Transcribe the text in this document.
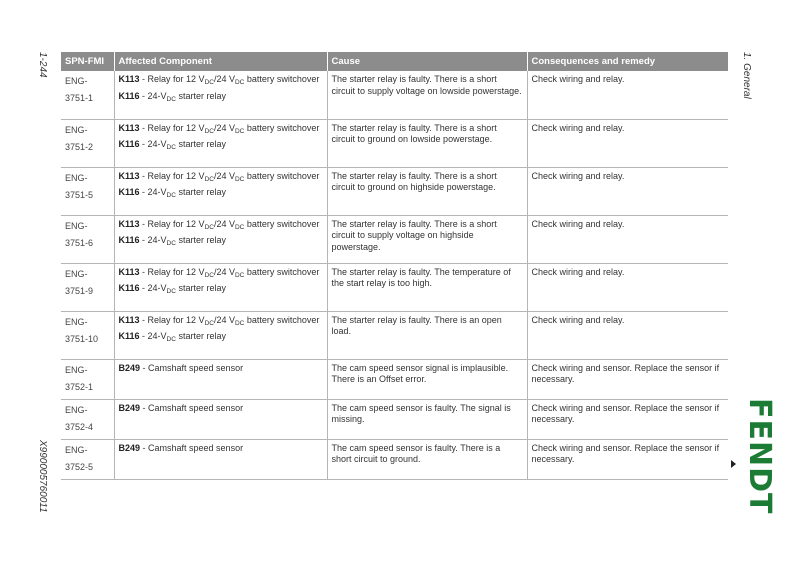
1-244
X990005760011
1. General
FENDT
SPN-FMI	Affected Component	Cause	Consequences and remedy

ENG-
3751-1	K113 - Relay for 12 $V_{DC}/24$ $V_{DC}$ battery switchover
$K116 - 24-V_{DC}$ starter relay	The starter relay is faulty. There is a short circuit to supply voltage on lowside powerstage.	Check wiring and relay.

ENG-
3751-2	K113 - Relay for 12 $V_{DC}/24$ $V_{DC}$ battery switchover
$K116 - 24-V_{DC}$ starter relay	The starter relay is faulty. There is a short circuit to ground on lowside powerstage.	Check wiring and relay.

ENG-
3751-5	K113 - Relay for 12 $V_{DC}/24$ $V_{DC}$ battery switchover
$K116 - 24-V_{DC}$ starter relay	The starter relay is faulty. There is a short circuit to ground on highside powerstage.	Check wiring and relay.

ENG-
3751-6	K113 - Relay for 12 $V_{DC}/24$ $V_{DC}$ battery switchover
$K116 - 24-V_{DC}$ starter relay	The starter relay is faulty. There is a short circuit to supply voltage on highside powerstage.	Check wiring and relay.

ENG-
3751-9	K113 - Relay for 12 $V_{DC}/24$ $V_{DC}$ battery switchover
$K116 - 24-V_{DC}$ starter relay	The starter relay is faulty. The temperature of the start relay is too high.	Check wiring and relay.

ENG-
3751-10	K113 - Relay for 12 $V_{DC}/24$ $V_{DC}$ battery switchover
$K116 - 24-V_{DC}$ starter relay	The starter relay is faulty. There is an open load.	Check wiring and relay.

ENG-
3752-1	B249 - Camshaft speed sensor	The cam speed sensor signal is implausible. There is an Offset error.	Check wiring and sensor. Replace the sensor if necessary.

ENG-
3752-4	B249 - Camshaft speed sensor	The cam speed sensor is faulty. The signal is missing.	Check wiring and sensor. Replace the sensor if necessary.

ENG-
3752-5	B249 - Camshaft speed sensor	The cam speed sensor is faulty. There is a short circuit to ground.	Check wiring and sensor. Replace the sensor if necessary.
